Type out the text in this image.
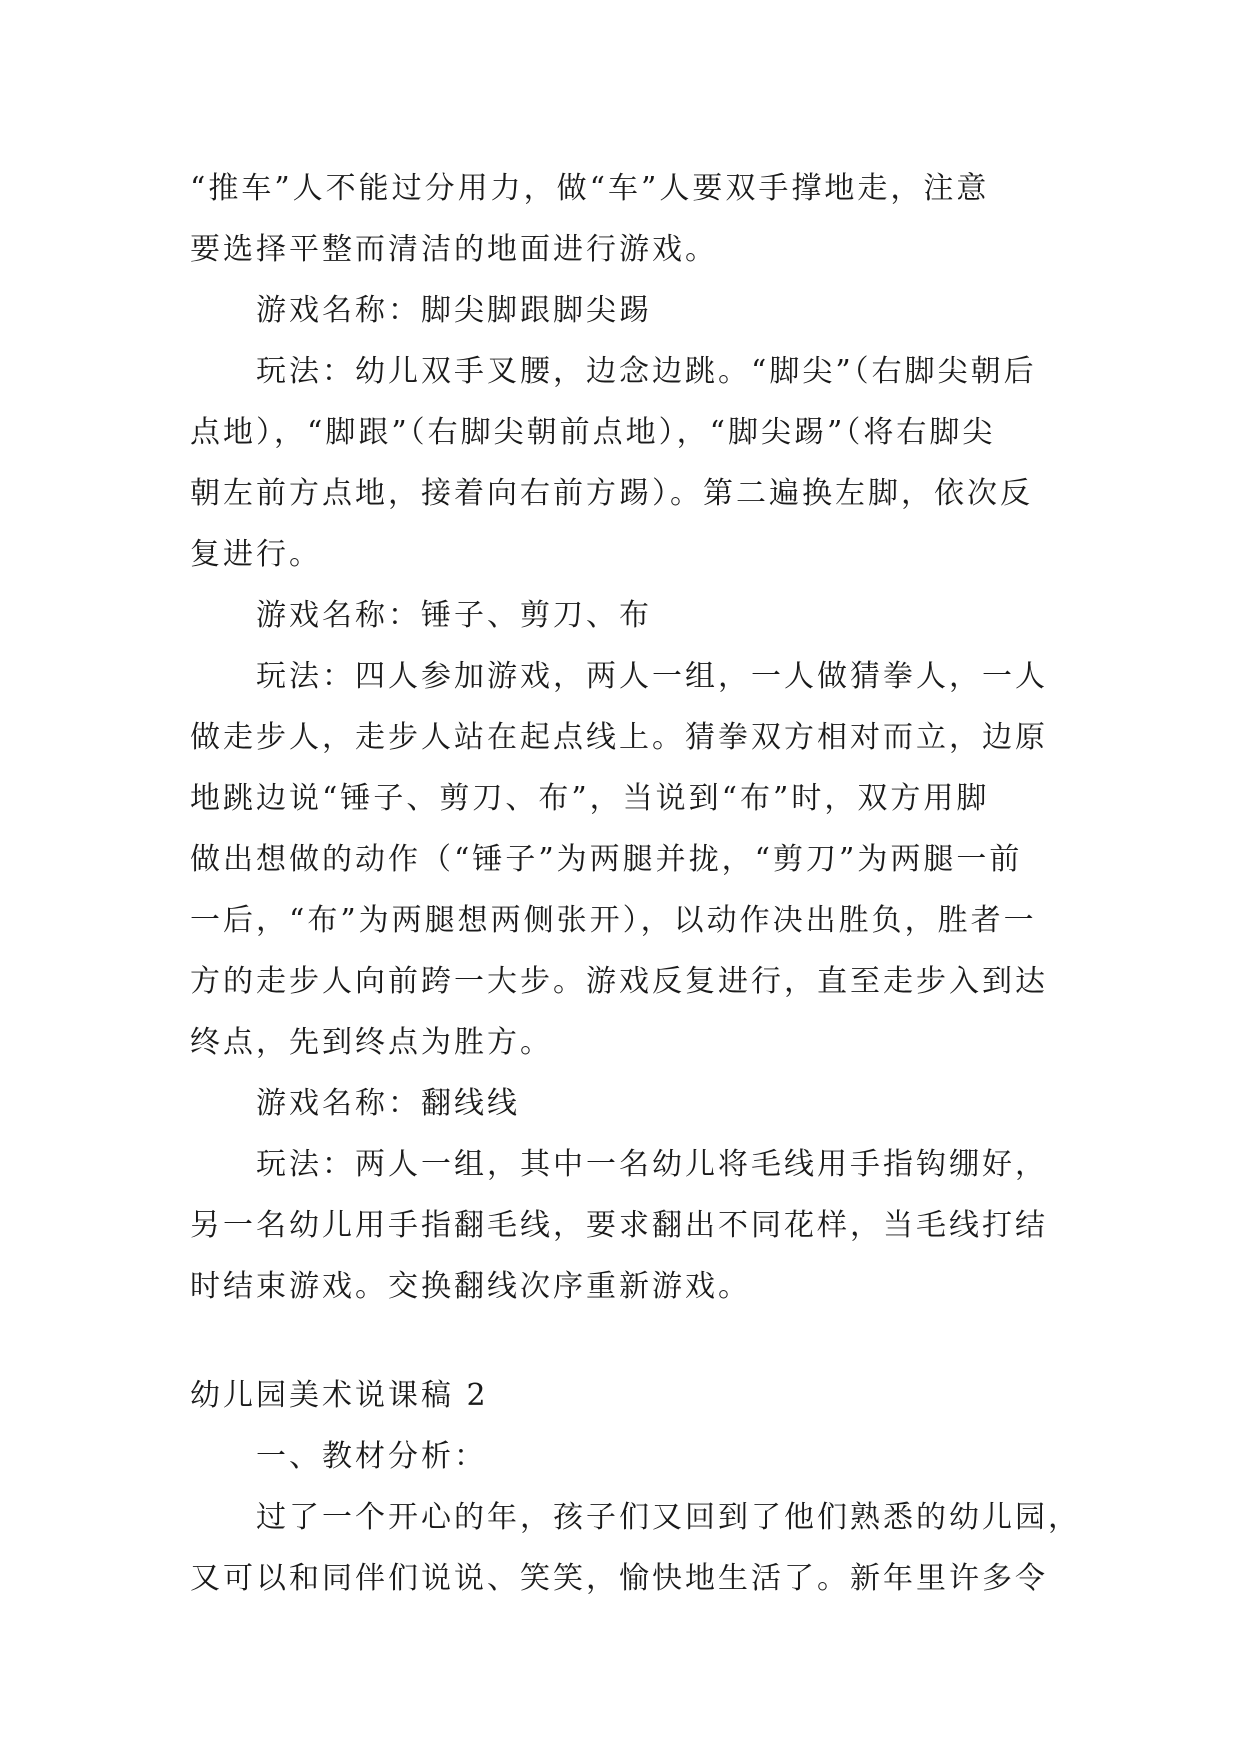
“推车”人不能过分用力，做“车”人要双手撑地走，注意
要选择平整而清洁的地面进行游戏。
游戏名称：脚尖脚跟脚尖踢
玩法：幼儿双手叉腰，边念边跳。“脚尖”（右脚尖朝后
点地），“脚跟”（右脚尖朝前点地），“脚尖踢”（将右脚尖
朝左前方点地，接着向右前方踢）。第二遍换左脚，依次反
复进行。
游戏名称：锤子、剪刀、布
玩法：四人参加游戏，两人一组，一人做猜拳人，一人
做走步人，走步人站在起点线上。猜拳双方相对而立，边原
地跳边说“锤子、剪刀、布”，当说到“布”时，双方用脚
做出想做的动作（“锤子”为两腿并拢，“剪刀”为两腿一前
一后，“布”为两腿想两侧张开），以动作决出胜负，胜者一
方的走步人向前跨一大步。游戏反复进行，直至走步入到达
终点，先到终点为胜方。
游戏名称：翻线线
玩法：两人一组，其中一名幼儿将毛线用手指钩绷好，
另一名幼儿用手指翻毛线，要求翻出不同花样，当毛线打结
时结束游戏。交换翻线次序重新游戏。
幼儿园美术说课稿 2
一、教材分析：
过了一个开心的年，孩子们又回到了他们熟悉的幼儿园，
又可以和同伴们说说、笑笑，愉快地生活了。新年里许多令
